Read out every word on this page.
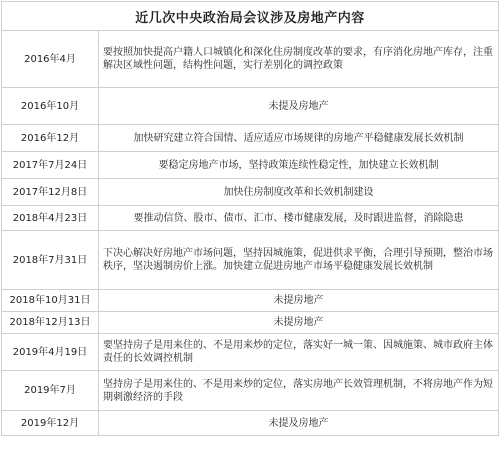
近几次中央政治局会议涉及房地产内容
2016年4月	要按照加快提高户籍人口城镇化和深化住房制度改革的要求，有序消化房地产库存，注重解决区域性问题，结构性问题，实行差别化的调控政策
2016年10月	未提及房地产
2016年12月	加快研究建立符合国情、适应适应市场规律的房地产平稳健康发展长效机制
2017年7月24日	要稳定房地产市场，坚持政策连续性稳定性，加快建立长效机制
2017年12月8日	加快住房制度改革和长效机制建设
2018年4月23日	要推动信贷、股市、债市、汇市、楼市健康发展，及时跟进监督，消除隐患
2018年7月31日	下决心解决好房地产市场问题，坚持因城施策，促进供求平衡，合理引导预期，整治市场秩序，坚决遏制房价上涨。加快建立促进房地产市场平稳健康发展长效机制
2018年10月31日	未提房地产
2018年12月13日	未提房地产
2019年4月19日	要坚持房子是用来住的、不是用来炒的定位，落实好一城一策、因城施策、城市政府主体责任的长效调控机制
2019年7月	坚持房子是用来住的、不是用来炒的定位，落实房地产长效管理机制，不将房地产作为短期刺激经济的手段
2019年12月	未提及房地产
